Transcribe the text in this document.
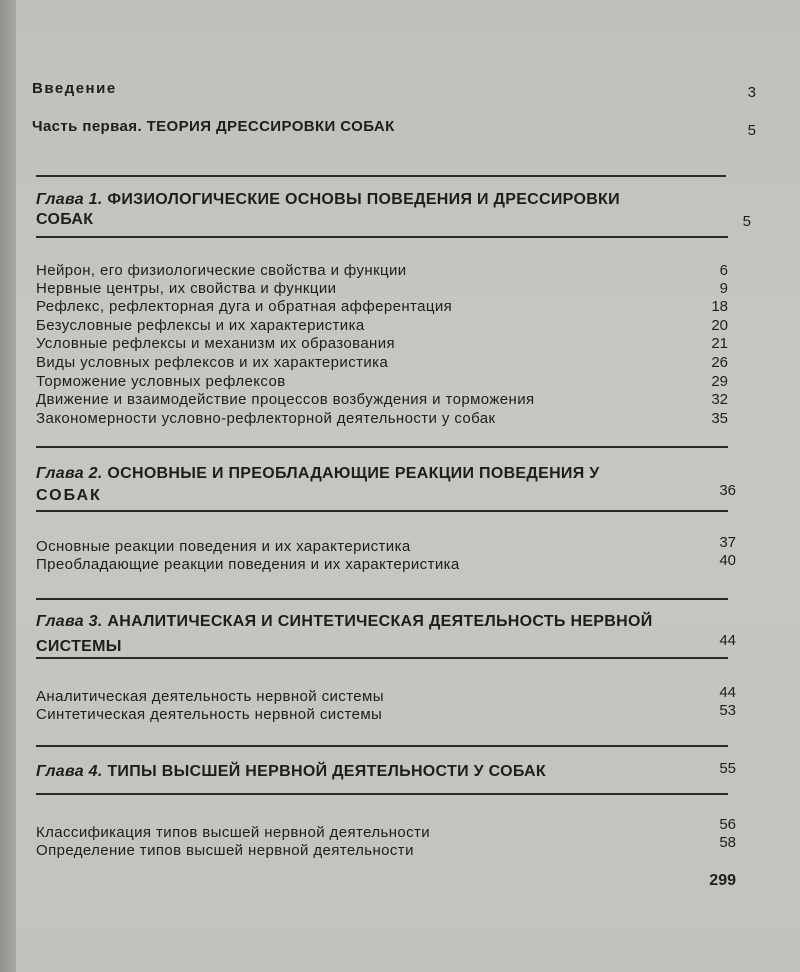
Введение	3
Часть первая. ТЕОРИЯ ДРЕССИРОВКИ СОБАК	5
Глава 1. ФИЗИОЛОГИЧЕСКИЕ ОСНОВЫ ПОВЕДЕНИЯ И ДРЕССИРОВКИ
СОБАК	5
Нейрон, его физиологические свойства и функции	6
Нервные центры, их свойства и функции	9
Рефлекс, рефлекторная дуга и обратная афферентация	18
Безусловные рефлексы и их характеристика	20
Условные рефлексы и механизм их образования	21
Виды условных рефлексов и их характеристика	26
Торможение условных рефлексов	29
Движение и взаимодействие процессов возбуждения и торможения	32
Закономерности условно-рефлекторной деятельности у собак	35
Глава 2. ОСНОВНЫЕ И ПРЕОБЛАДАЮЩИЕ РЕАКЦИИ ПОВЕДЕНИЯ У
СОБАК	36
Основные реакции поведения и их характеристика	37
Преобладающие реакции поведения и их характеристика	40
Глава 3. АНАЛИТИЧЕСКАЯ И СИНТЕТИЧЕСКАЯ ДЕЯТЕЛЬНОСТЬ НЕРВНОЙ
СИСТЕМЫ	44
Аналитическая деятельность нервной системы	44
Синтетическая деятельность нервной системы	53
Глава 4. ТИПЫ ВЫСШЕЙ НЕРВНОЙ ДЕЯТЕЛЬНОСТИ У СОБАК	55
Классификация типов высшей нервной деятельности	56
Определение типов высшей нервной деятельности	58
299
